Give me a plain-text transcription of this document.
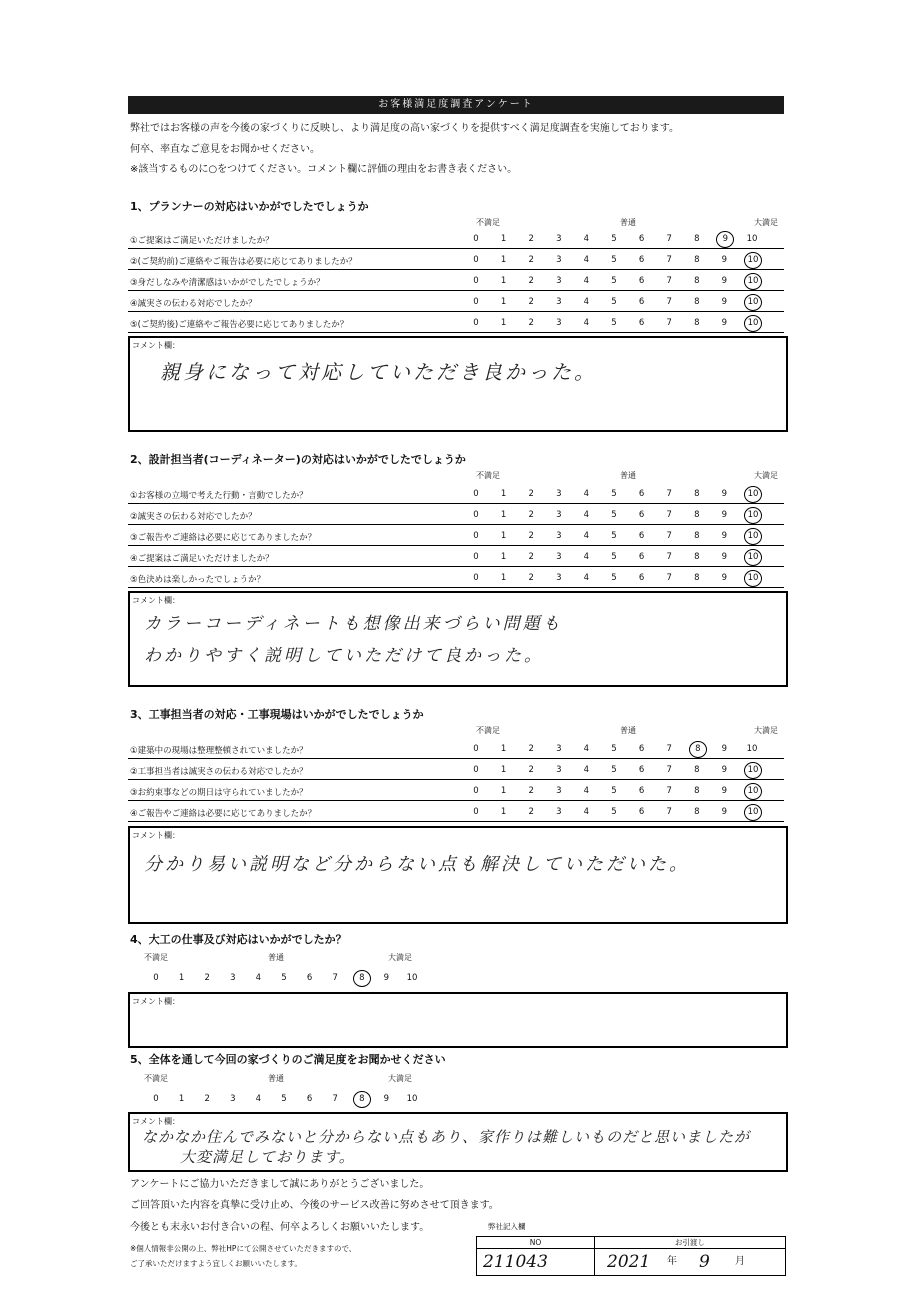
お客様満足度調査アンケート
弊社ではお客様の声を今後の家づくりに反映し、より満足度の高い家づくりを提供すべく満足度調査を実施しております。
何卒、率直なご意見をお聞かせください。
※該当するものに○をつけてください。コメント欄に評価の理由をお書き表ください。
1、プランナーの対応はいかがでしたでしょうか
不満足	普通	大満足
①ご提案はご満足いただけましたか？	0	1	2	3	4	5	6	7	8	9	10
②(ご契約前)ご連絡やご報告は必要に応じてありましたか？	0	1	2	3	4	5	6	7	8	9	10
③身だしなみや清潔感はいかがでしたでしょうか？	0	1	2	3	4	5	6	7	8	9	10
④誠実さの伝わる対応でしたか？	0	1	2	3	4	5	6	7	8	9	10
⑤(ご契約後)ご連絡やご報告必要に応じてありましたか？	0	1	2	3	4	5	6	7	8	9	10
コメント欄：
親身になって対応していただき良かった。
2、設計担当者(コーディネーター)の対応はいかがでしたでしょうか
不満足	普通	大満足
①お客様の立場で考えた行動・言動でしたか？	0	1	2	3	4	5	6	7	8	9	10
②誠実さの伝わる対応でしたか？	0	1	2	3	4	5	6	7	8	9	10
③ご報告やご連絡は必要に応じてありましたか？	0	1	2	3	4	5	6	7	8	9	10
④ご提案はご満足いただけましたか？	0	1	2	3	4	5	6	7	8	9	10
⑤色決めは楽しかったでしょうか？	0	1	2	3	4	5	6	7	8	9	10
コメント欄：
カラーコーディネートも想像出来づらい問題も
わかりやすく説明していただけて良かった。
3、工事担当者の対応・工事現場はいかがでしたでしょうか
不満足	普通	大満足
①建築中の現場は整理整頓されていましたか？	0	1	2	3	4	5	6	7	8	9	10
②工事担当者は誠実さの伝わる対応でしたか？	0	1	2	3	4	5	6	7	8	9	10
③お約束事などの期日は守られていましたか？	0	1	2	3	4	5	6	7	8	9	10
④ご報告やご連絡は必要に応じてありましたか？	0	1	2	3	4	5	6	7	8	9	10
コメント欄：
分かり易い説明など分からない点も解決していただいた。
4、大工の仕事及び対応はいかがでしたか？
不満足	普通	大満足
0	1	2	3	4	5	6	7	8	9	10
コメント欄：
5、全体を通して今回の家づくりのご満足度をお聞かせください
不満足	普通	大満足
0	1	2	3	4	5	6	7	8	9	10
コメント欄：
なかなか住んでみないと分からない点もあり、家作りは難しいものだと思いましたが
大変満足しております。
アンケートにご協力いただきまして誠にありがとうございました。
ご回答頂いた内容を真摯に受け止め、今後のサービス改善に努めさせて頂きます。
今後とも末永いお付き合いの程、何卒よろしくお願いいたします。
※個人情報非公開の上、弊社HPにて公開させていただきますので、
ご了承いただけますよう宜しくお願いいたします。
弊社記入欄
NO	お引渡し
211043	2021 年 9	月
